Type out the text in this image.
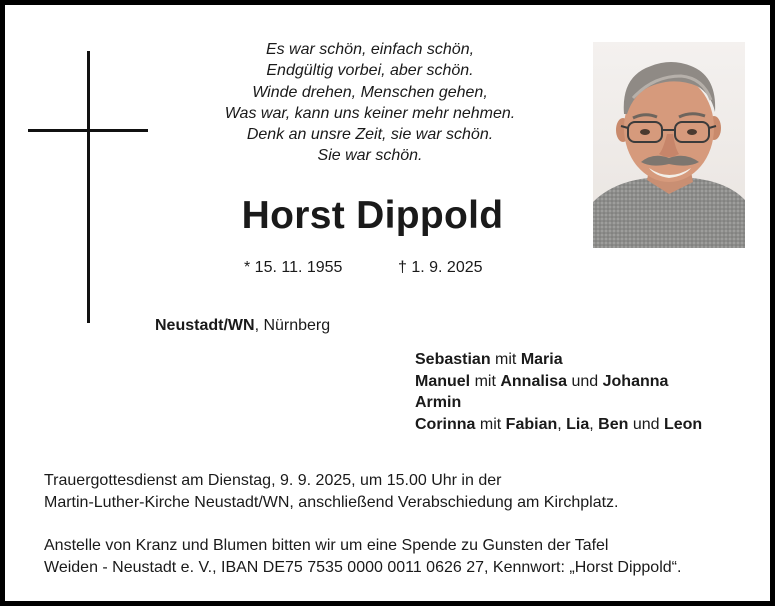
Es war schön, einfach schön,
Endgültig vorbei, aber schön.
Winde drehen, Menschen gehen,
Was war, kann uns keiner mehr nehmen.
Denk an unsre Zeit, sie war schön.
Sie war schön.
Horst Dippold
* 15. 11. 1955	† 1. 9. 2025
Neustadt/WN, Nürnberg
Sebastian mit Maria
Manuel mit Annalisa und Johanna
Armin
Corinna mit Fabian, Lia, Ben und Leon
Trauergottesdienst am Dienstag, 9. 9. 2025, um 15.00 Uhr in der
Martin-Luther-Kirche Neustadt/WN, anschließend Verabschiedung am Kirchplatz.
Anstelle von Kranz und Blumen bitten wir um eine Spende zu Gunsten der Tafel
Weiden - Neustadt e. V., IBAN DE75 7535 0000 0011 0626 27, Kennwort: „Horst Dippold“.
